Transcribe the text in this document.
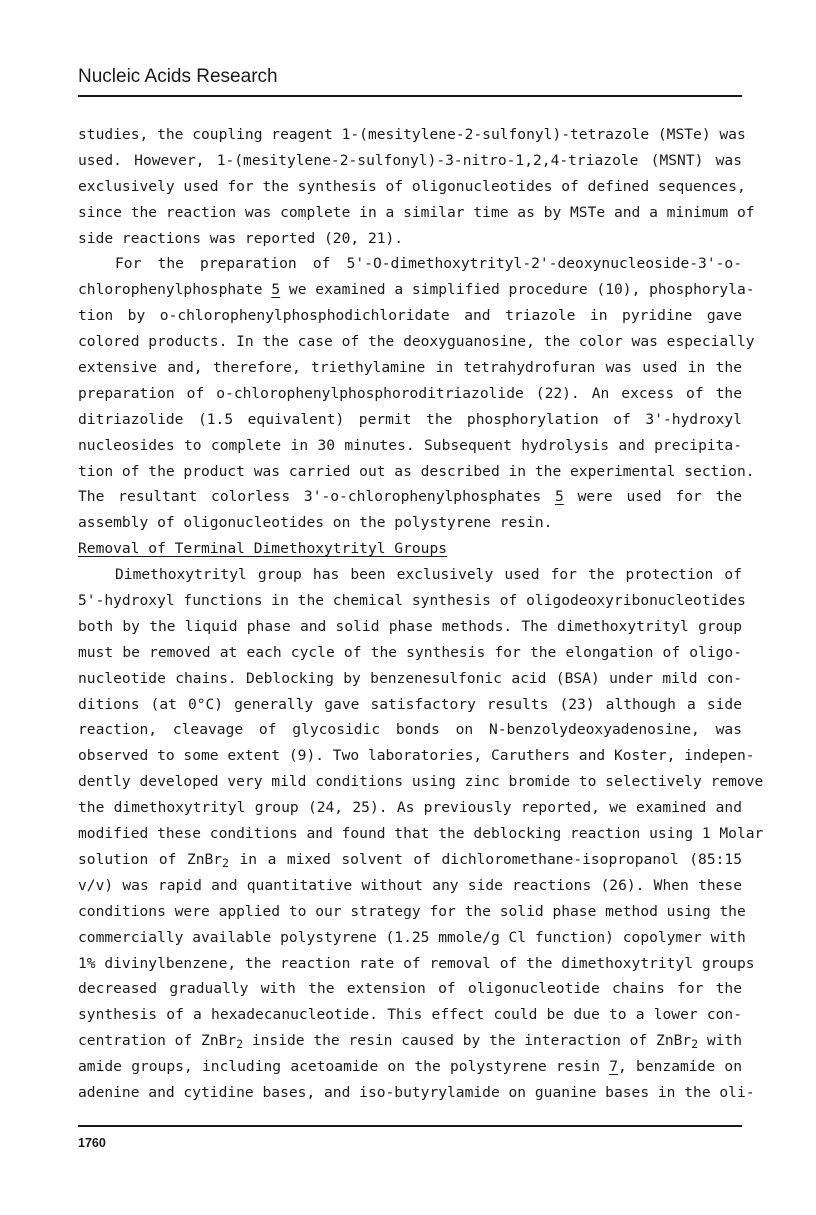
Nucleic Acids Research
studies, the coupling reagent 1-(mesitylene-2-sulfonyl)-tetrazole (MSTe) was
used. However, 1-(mesitylene-2-sulfonyl)-3-nitro-1,2,4-triazole (MSNT) was
exclusively used for the synthesis of oligonucleotides of defined sequences,
since the reaction was complete in a similar time as by MSTe and a minimum of
side reactions was reported (20, 21).
For the preparation of 5'-O-dimethoxytrityl-2'-deoxynucleoside-3'-o-
chlorophenylphosphate 5 we examined a simplified procedure (10), phosphoryla-
tion by o-chlorophenylphosphodichloridate and triazole in pyridine gave
colored products. In the case of the deoxyguanosine, the color was especially
extensive and, therefore, triethylamine in tetrahydrofuran was used in the
preparation of o-chlorophenylphosphoroditriazolide (22). An excess of the
ditriazolide (1.5 equivalent) permit the phosphorylation of 3'-hydroxyl
nucleosides to complete in 30 minutes. Subsequent hydrolysis and precipita-
tion of the product was carried out as described in the experimental section.
The resultant colorless 3'-o-chlorophenylphosphates 5 were used for the
assembly of oligonucleotides on the polystyrene resin.
Removal of Terminal Dimethoxytrityl Groups
Dimethoxytrityl group has been exclusively used for the protection of
5'-hydroxyl functions in the chemical synthesis of oligodeoxyribonucleotides
both by the liquid phase and solid phase methods. The dimethoxytrityl group
must be removed at each cycle of the synthesis for the elongation of oligo-
nucleotide chains. Deblocking by benzenesulfonic acid (BSA) under mild con-
ditions (at 0°C) generally gave satisfactory results (23) although a side
reaction, cleavage of glycosidic bonds on N-benzolydeoxyadenosine, was
observed to some extent (9). Two laboratories, Caruthers and Koster, indepen-
dently developed very mild conditions using zinc bromide to selectively remove
the dimethoxytrityl group (24, 25). As previously reported, we examined and
modified these conditions and found that the deblocking reaction using 1 Molar
solution of ZnBr$_2$ in a mixed solvent of dichloromethane-isopropanol (85:15
v/v) was rapid and quantitative without any side reactions (26). When these
conditions were applied to our strategy for the solid phase method using the
commercially available polystyrene (1.25 mmole/g Cl function) copolymer with
1% divinylbenzene, the reaction rate of removal of the dimethoxytrityl groups
decreased gradually with the extension of oligonucleotide chains for the
synthesis of a hexadecanucleotide. This effect could be due to a lower con-
centration of ZnBr$_2$ inside the resin caused by the interaction of ZnBr$_2$ with
amide groups, including acetoamide on the polystyrene resin 7, benzamide on
adenine and cytidine bases, and iso-butyrylamide on guanine bases in the oli-
1760
